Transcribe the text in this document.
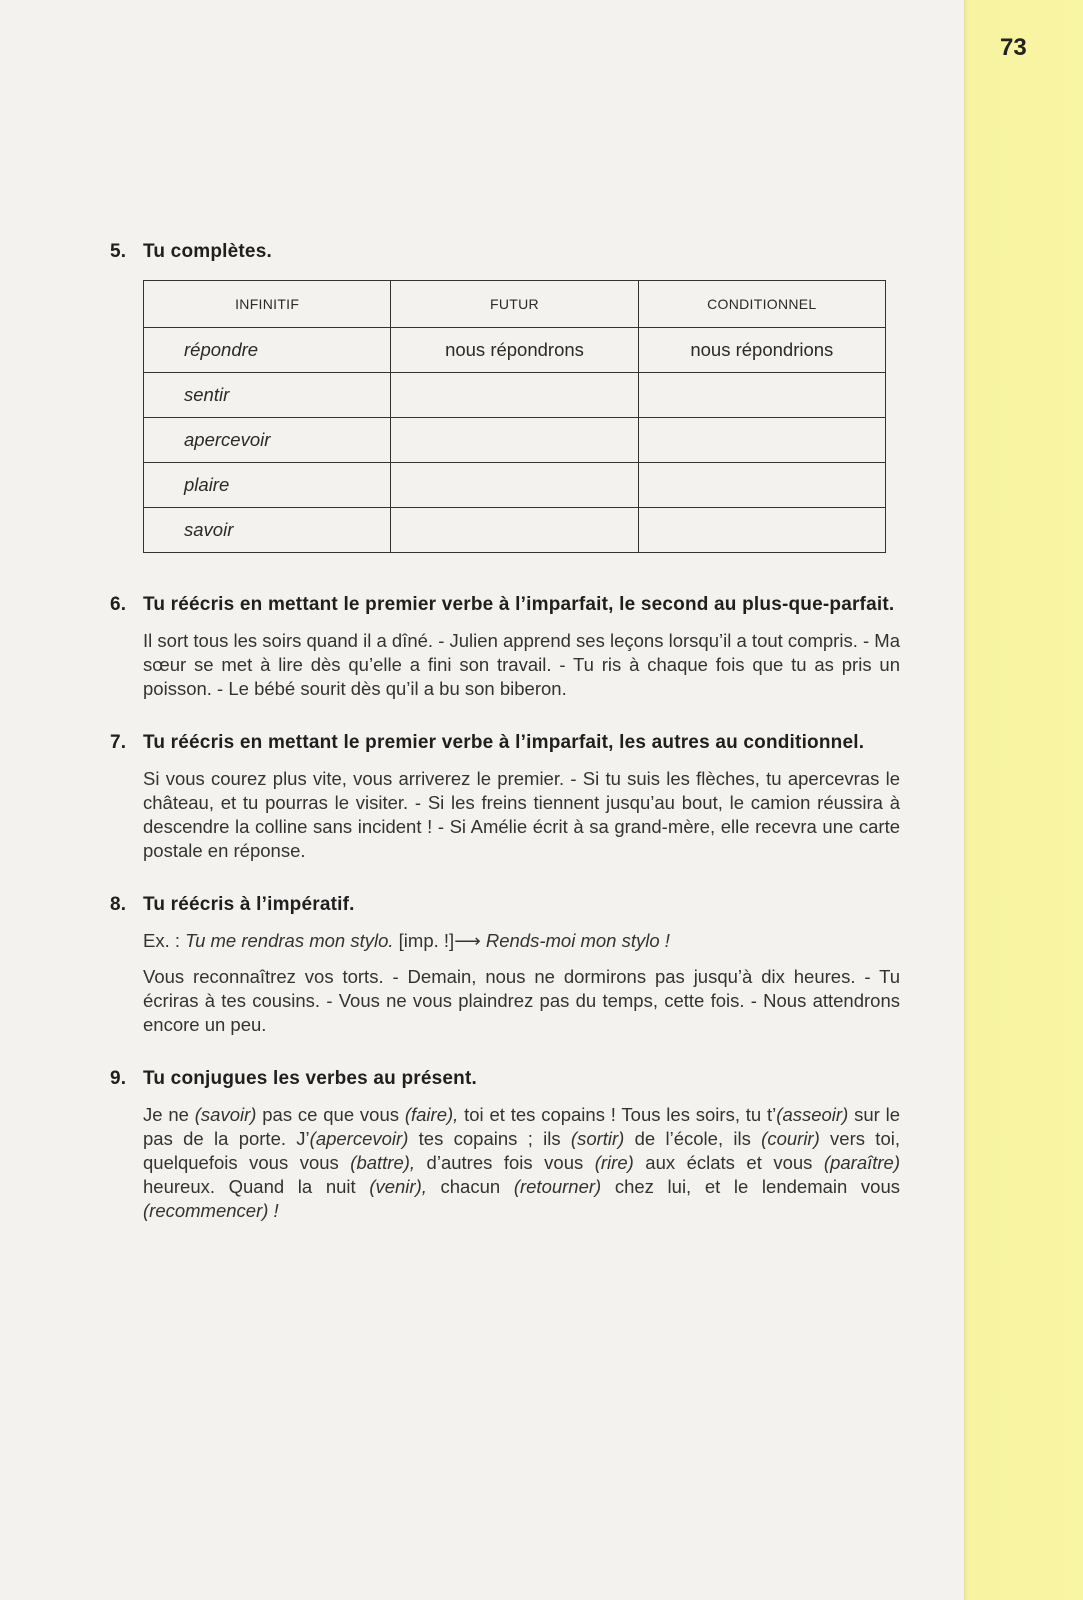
73
5. Tu complètes.
INFINITIF	FUTUR	CONDITIONNEL
répondre	nous répondrons	nous répondrions
sentir		
apercevoir		
plaire		
savoir		
6. Tu réécris en mettant le premier verbe à l’imparfait, le second au plus-que-parfait.
Il sort tous les soirs quand il a dîné. - Julien apprend ses leçons lorsqu’il a tout compris. - Ma sœur se met à lire dès qu’elle a fini son travail. - Tu ris à chaque fois que tu as pris un poisson. - Le bébé sourit dès qu’il a bu son biberon.
7. Tu réécris en mettant le premier verbe à l’imparfait, les autres au conditionnel.
Si vous courez plus vite, vous arriverez le premier. - Si tu suis les flèches, tu apercevras le château, et tu pourras le visiter. - Si les freins tiennent jusqu’au bout, le camion réussira à descendre la colline sans incident ! - Si Amélie écrit à sa grand-mère, elle recevra une carte postale en réponse.
8. Tu réécris à l’impératif.
Ex. : Tu me rendras mon stylo. [imp. !]⟶ Rends-moi mon stylo !
Vous reconnaîtrez vos torts. - Demain, nous ne dormirons pas jusqu’à dix heures. - Tu écriras à tes cousins. - Vous ne vous plaindrez pas du temps, cette fois. - Nous attendrons encore un peu.
9. Tu conjugues les verbes au présent.
Je ne (savoir) pas ce que vous (faire), toi et tes copains ! Tous les soirs, tu t’(asseoir) sur le pas de la porte. J’(apercevoir) tes copains ; ils (sortir) de l’école, ils (courir) vers toi, quelquefois vous vous (battre), d’autres fois vous (rire) aux éclats et vous (paraître) heureux. Quand la nuit (venir), chacun (retourner) chez lui, et le lendemain vous (recommencer) !
